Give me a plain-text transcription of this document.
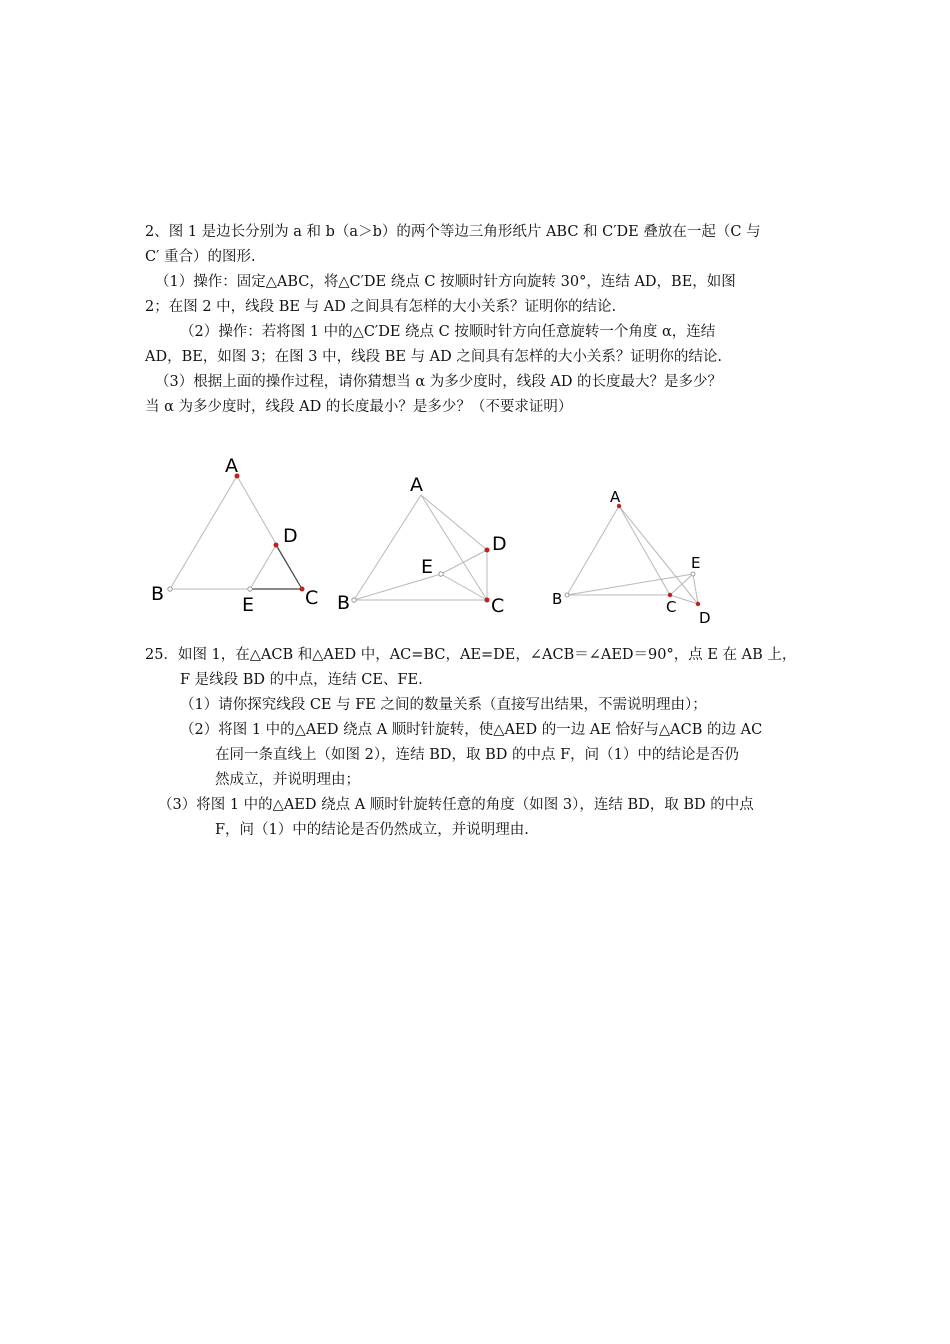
2、图 1 是边长分别为 a 和 b（a＞b）的两个等边三角形纸片 ABC 和 C′DE 叠放在一起（C 与
C′ 重合）的图形.
（1）操作：固定△ABC，将△C′DE 绕点 C 按顺时针方向旋转 30°，连结 AD，BE，如图
2；在图 2 中，线段 BE 与 AD 之间具有怎样的大小关系？证明你的结论.
（2）操作：若将图 1 中的△C′DE 绕点 C 按顺时针方向任意旋转一个角度 α，连结
AD，BE，如图 3；在图 3 中，线段 BE 与 AD 之间具有怎样的大小关系？证明你的结论.
（3）根据上面的操作过程，请你猜想当 α 为多少度时，线段 AD 的长度最大？是多少？
当 α 为多少度时，线段 AD 的长度最小？是多少？（不要求证明）
A
D
B	E	C
A
D
E
B	C
A
E
B	C
D
25．如图 1，在△ACB 和△AED 中，AC=BC，AE=DE，∠ACB＝∠AED＝90°，点 E 在 AB 上，
F 是线段 BD 的中点，连结 CE、FE.
（1）请你探究线段 CE 与 FE 之间的数量关系（直接写出结果，不需说明理由）；
（2）将图 1 中的△AED 绕点 A 顺时针旋转，使△AED 的一边 AE 恰好与△ACB 的边 AC
在同一条直线上（如图 2），连结 BD，取 BD 的中点 F，问（1）中的结论是否仍
然成立，并说明理由；
（3）将图 1 中的△AED 绕点 A 顺时针旋转任意的角度（如图 3），连结 BD，取 BD 的中点
F，问（1）中的结论是否仍然成立，并说明理由.
